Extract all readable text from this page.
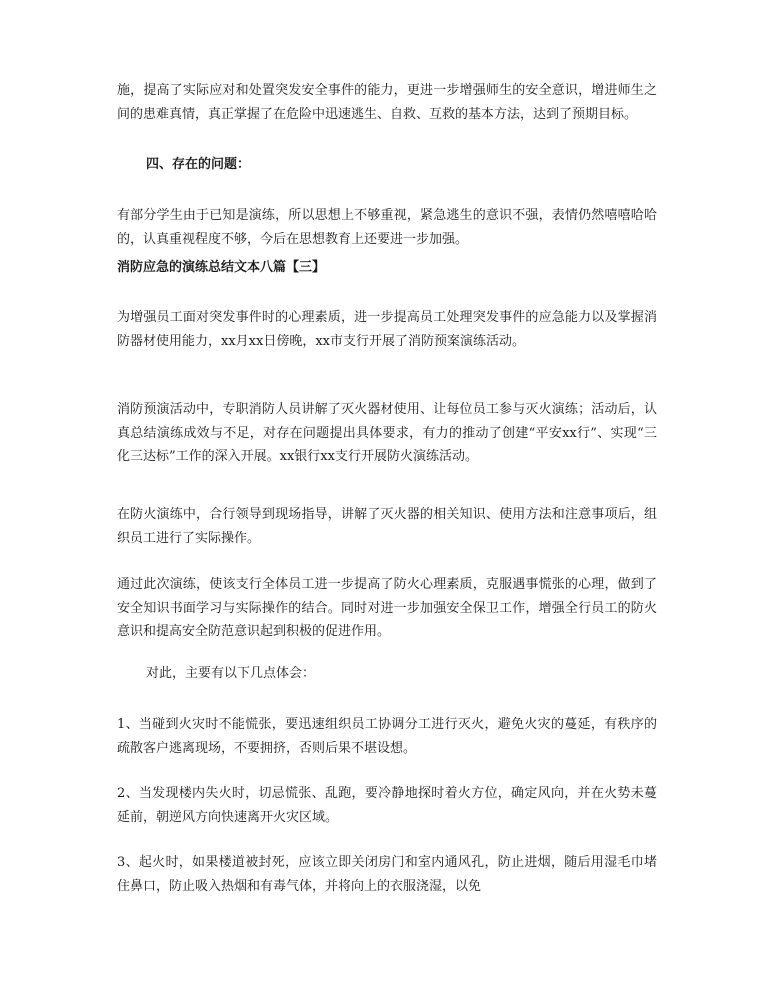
施，提高了实际应对和处置突发安全事件的能力，更进一步增强师生的安全意识，增进师生之间的患难真情，真正掌握了在危险中迅速逃生、自救、互救的基本方法，达到了预期目标。

四、存在的问题：

有部分学生由于已知是演练，所以思想上不够重视，紧急逃生的意识不强，表情仍然嘻嘻哈哈的，认真重视程度不够，今后在思想教育上还要进一步加强。

消防应急的演练总结文本八篇【三】

为增强员工面对突发事件时的心理素质，进一步提高员工处理突发事件的应急能力以及掌握消防器材使用能力，xx月xx日傍晚，xx市支行开展了消防预案演练活动。

消防预演活动中，专职消防人员讲解了灭火器材使用、让每位员工参与灭火演练；活动后，认真总结演练成效与不足，对存在问题提出具体要求，有力的推动了创建“平安xx行”、实现“三化三达标”工作的深入开展。xx银行xx支行开展防火演练活动。

在防火演练中，合行领导到现场指导，讲解了灭火器的相关知识、使用方法和注意事项后，组织员工进行了实际操作。

通过此次演练，使该支行全体员工进一步提高了防火心理素质，克服遇事慌张的心理，做到了安全知识书面学习与实际操作的结合。同时对进一步加强安全保卫工作，增强全行员工的防火意识和提高安全防范意识起到积极的促进作用。

对此，主要有以下几点体会：

1、当碰到火灾时不能慌张，要迅速组织员工协调分工进行灭火，避免火灾的蔓延，有秩序的疏散客户逃离现场，不要拥挤，否则后果不堪设想。

2、当发现楼内失火时，切忌慌张、乱跑，要冷静地探时着火方位，确定风向，并在火势未蔓延前，朝逆风方向快速离开火灾区域。

3、起火时，如果楼道被封死，应该立即关闭房门和室内通风孔，防止进烟，随后用湿毛巾堵住鼻口，防止吸入热烟和有毒气体，并将向上的衣服浇湿，以免
